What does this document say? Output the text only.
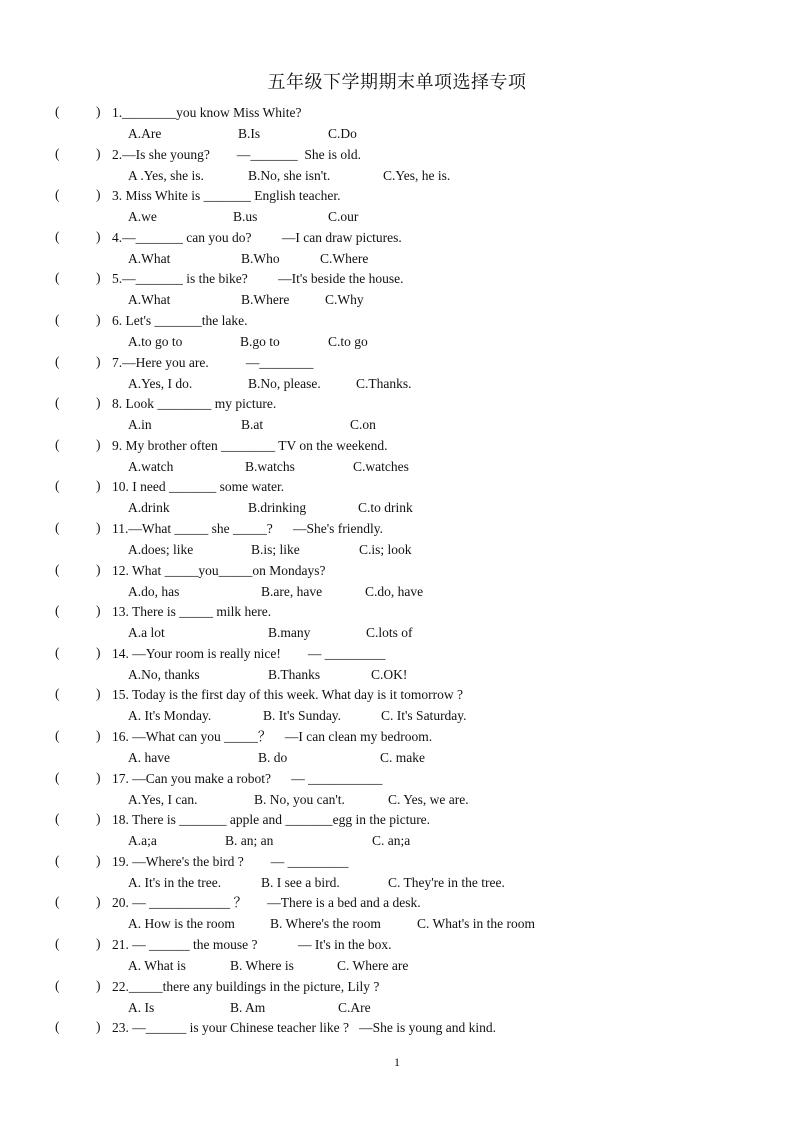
五年级下学期期末单项选择专项
(	) 1.________you know Miss White?
A.Are	B.Is	C.Do
(	) 2.—Is she young?        —_______  She is old.
A .Yes, she is.	B.No, she isn't.	C.Yes, he is.
(	) 3. Miss White is _______ English teacher.
A.we	B.us	C.our
(	) 4.—_______ can you do?         —I can draw pictures.
A.What	B.Who	C.Where
(	) 5.—_______ is the bike?         —It's beside the house.
A.What	B.Where	C.Why
(	) 6. Let's _______the lake.
A.to go to	B.go to	C.to go
(	) 7.—Here you are.           —________
A.Yes, I do.	B.No, please.	C.Thanks.
(	) 8. Look ________ my picture.
A.in	B.at	C.on
(	) 9. My brother often ________ TV on the weekend.
A.watch	B.watchs	C.watches
(	) 10. I need _______ some water.
A.drink	B.drinking	C.to drink
(	) 11.—What _____ she _____?      —She's friendly.
A.does; like	B.is; like	C.is; look
(	) 12. What _____you_____on Mondays?
A.do, has	B.are, have	C.do, have
(	) 13. There is _____ milk here.
A.a lot	B.many	C.lots of
(	) 14. —Your room is really nice!        — _________
A.No, thanks	B.Thanks	C.OK!
(	) 15. Today is the first day of this week. What day is it tomorrow ?
A. It's Monday.	B. It's Sunday.	C. It's Saturday.
(	) 16. —What can you _____？    —I can clean my bedroom.
A. have	B. do	C. make
(	) 17. —Can you make a robot?      — ___________
A.Yes, I can.	B. No, you can't.	C. Yes, we are.
(	) 18. There is _______ apple and _______egg in the picture.
A.a;a	B. an; an	C. an;a
(	) 19. —Where's the bird ?        — _________
A. It's in the tree.	B. I see a bird.	C. They're in the tree.
(	) 20. — ____________ ？      —There is a bed and a desk.
A. How is the room	B. Where's the room	C. What's in the room
(	) 21. — ______ the mouse ?            — It's in the box.
A. What is	B. Where is	C. Where are
(	) 22._____there any buildings in the picture, Lily ?
A. Is	B. Am	C.Are
(	) 23. —______ is your Chinese teacher like ?   —She is young and kind.
1
